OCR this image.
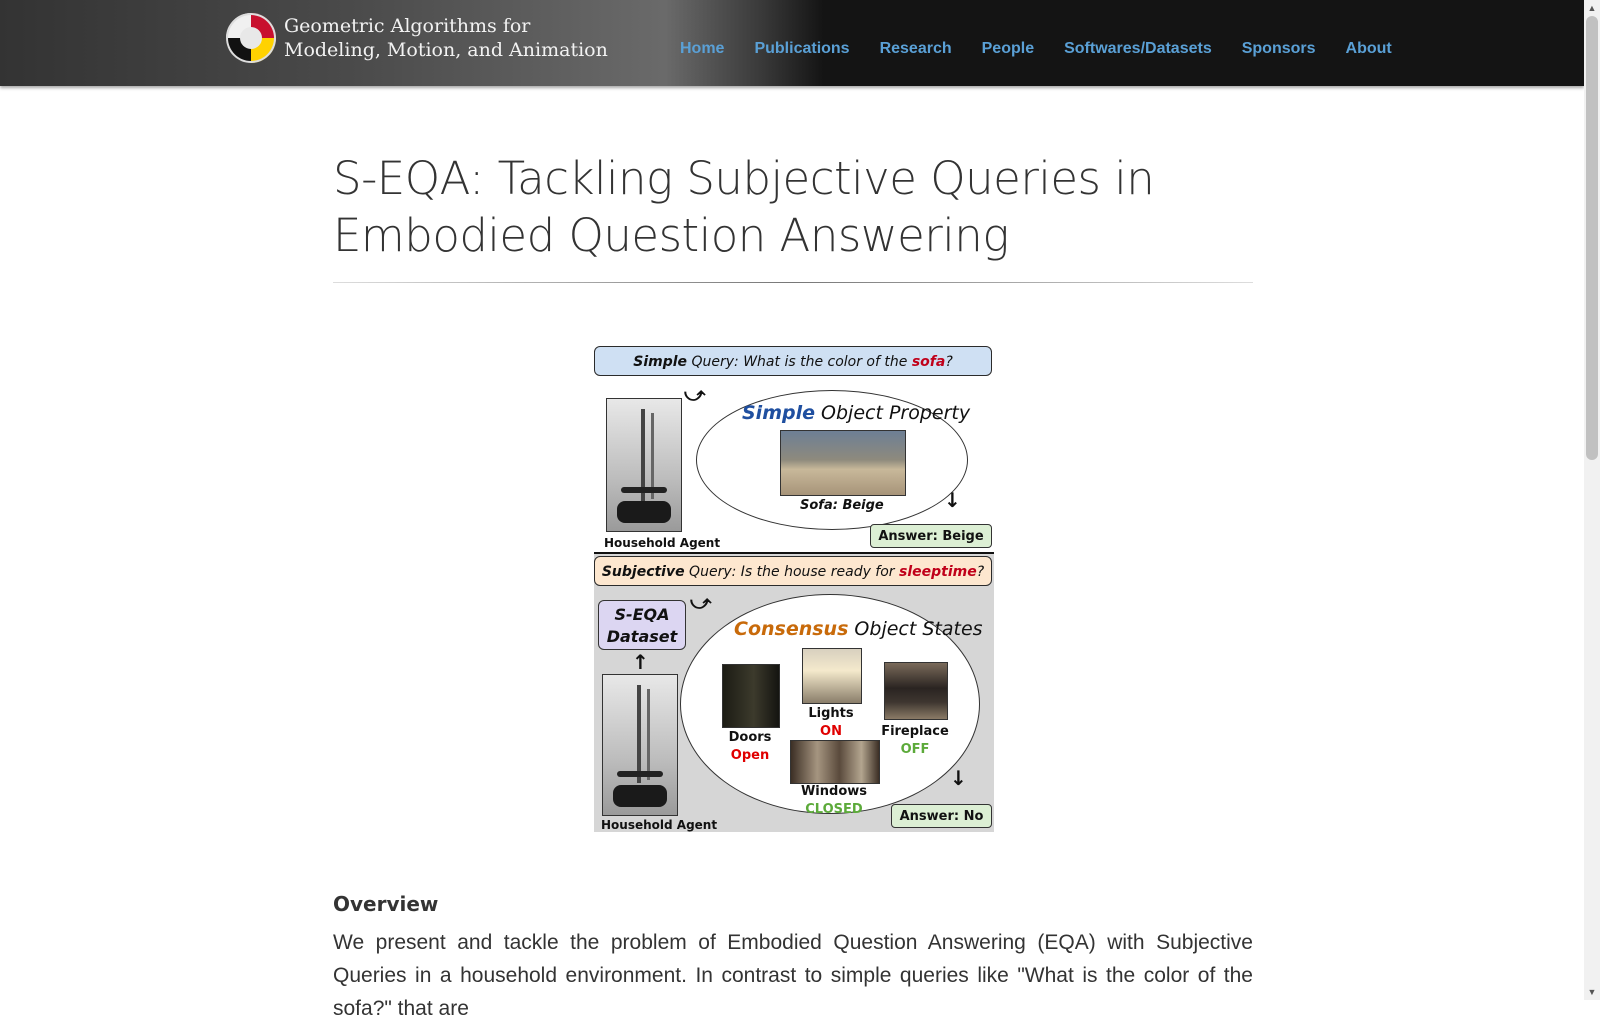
Geometric Algorithms for
Modeling, Motion, and Animation	Home Publications Research People Softwares/Datasets Sponsors About
▲
▼
S-EQA: Tackling Subjective Queries in
Embodied Question Answering
Overview

We present and tackle the problem of Embodied Question Answering (EQA) with Subjective Queries in a household environment. In contrast to simple queries like "What is the color of the sofa?" that are

Simple Query: What is the color of the sofa?
Household Agent
⤻
Simple Object Property
Sofa: Beige	↓
Answer: Beige
Subjective Query: Is the house ready for sleeptime?
S-EQA
Dataset
↑
Household Agent
⤻
Consensus Object States
Doors
Open
Lights
ON	Fireplace
OFF
Windows
CLOSED
↓
Answer: No
